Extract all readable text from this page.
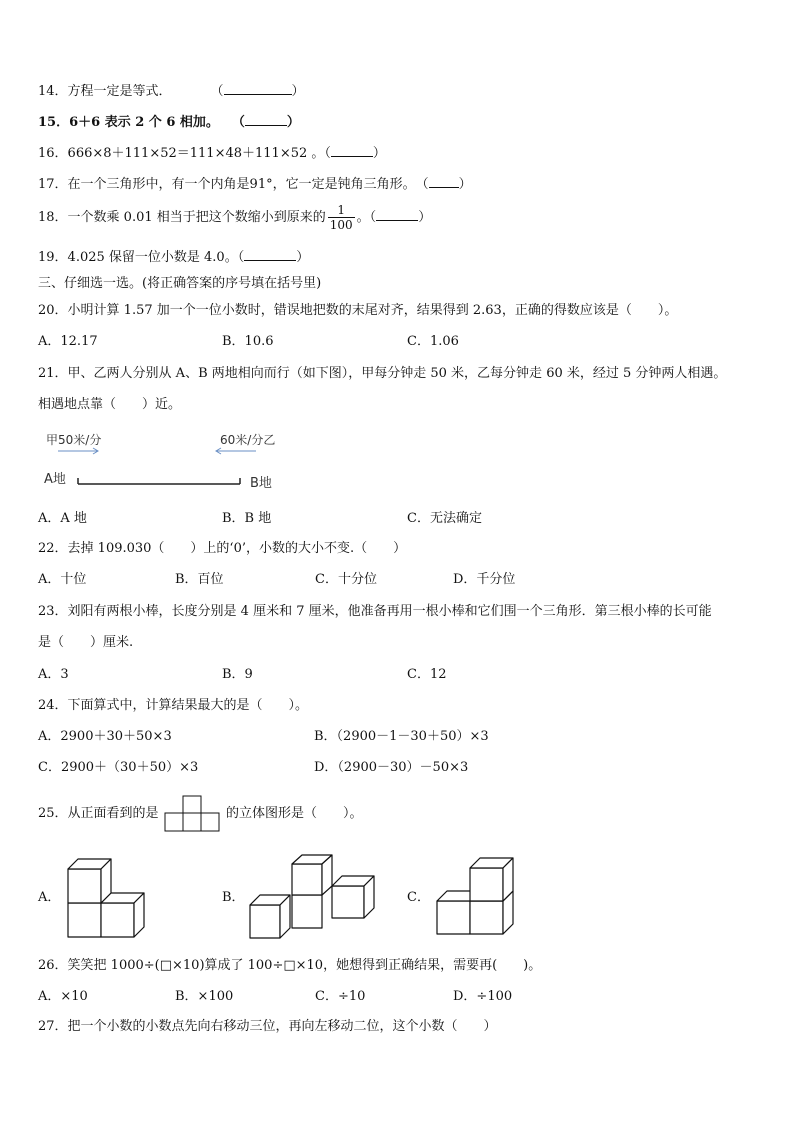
14．方程一定是等式．　　　　（	）
15．6＋6 表示 2 个 6 相加。　　（	）
16．666×8＋111×52＝111×48＋111×52 。（	）
17．在一个三角形中，有一个内角是91°，它一定是钝角三角形。　（ ）
18．一个数乘 0.01 相当于把这个数缩小到原来的 $\frac{1}{100}$ 。（	）
19．4.025 保留一位小数是 4.0。（	）
三、仔细选一选。(将正确答案的序号填在括号里)
20．小明计算 1.57 加一个一位小数时，错误地把数的末尾对齐，结果得到 2.63，正确的得数应该是（　　）。
A．12.17	B．10.6	C．1.06
21．甲、乙两人分别从 A、B 两地相向而行（如下图），甲每分钟走 50 米，乙每分钟走 60 米，经过 5 分钟两人相遇。
相遇地点靠（　　）近。
甲50米/分	60米/分乙
A地	B地
A．A 地	B．B 地	C．无法确定
22．去掉 109.030（　　）上的‘0’，小数的大小不变.（　　）
A．十位	B．百位	C．十分位	D．千分位
23．刘阳有两根小棒，长度分别是 4 厘米和 7 厘米，他准备再用一根小棒和它们围一个三角形．第三根小棒的长可能
是（　　）厘米.
A．3	B．9	C．12
24．下面算式中，计算结果最大的是（　　）。
A．2900＋30＋50×3	B．（2900－1－30＋50）×3
C．2900＋（30＋50）×3	D．（2900－30）－50×3
25．从正面看到的是	的立体图形是（　　）。
A．	B．	C．
26．笑笑把 1000÷(□×10)算成了 100÷□×10，她想得到正确结果，需要再(　　)。
A．×10	B．×100	C．÷10	D．÷100
27．把一个小数的小数点先向右移动三位，再向左移动二位，这个小数（　　）
